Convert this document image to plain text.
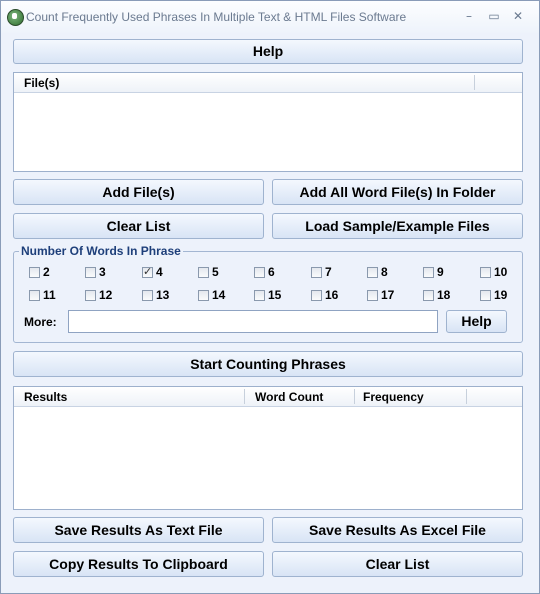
Count Frequently Used Phrases In Multiple Text & HTML Files Software	–	▭	✕
Help
File(s)
Add File(s)	Add All Word File(s) In Folder
Clear List	Load Sample/Example Files
Number Of Words In Phrase
2	3
✓	4	5	6	7	8	9	10
11	12	13	14	15	16	17	18	19
More:	Help
Start Counting Phrases
Results	Word Count	Frequency
Save Results As Text File	Save Results As Excel File
Copy Results To Clipboard	Clear List
